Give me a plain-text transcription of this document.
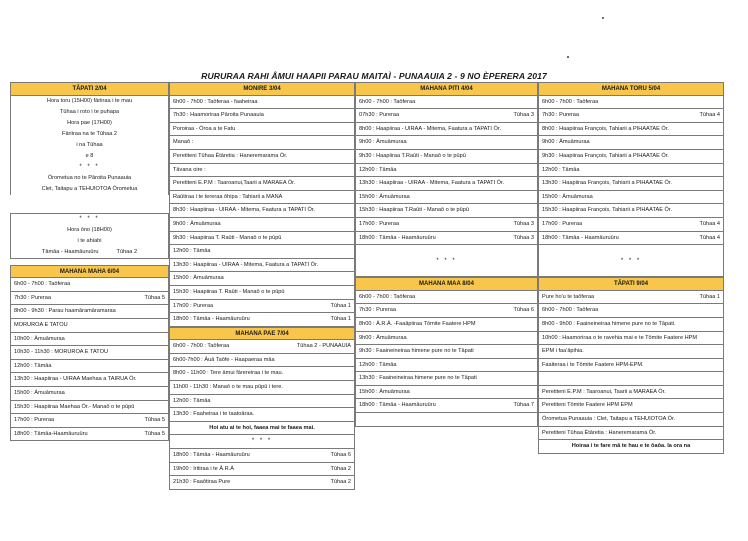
RURURAA RAHI ÂMUI HAAPII PARAU MAITAÌ - PUNAAUIA 2 - 9 NO ÈPERERA 2017
TĀPATI 2/04
Hora toru (15H00) fāriiraa i te mau
Tūhaa i roto i te puhapa
Hora pae (17H00)
Fāriiraa na te Tūhaa 2
i na Tūhaa
e 8
* * *
Ōrometua no te Pāroita Punaauia
Clet, Taitapu a TEHUIOTOA Ōrometua
* * *
Hora ōno (18H00)
i te ahiahi
Tāmāa - Haamāuruūru	Tūhaa 2
MAHANA MAHA 6/04
6h00 - 7h00 : Taōferaa
7h30 : Pureraa	Tūhaa 5
8h00 - 9h30 : Parau haamāramāramaraa
MORUROA E TATOU
10h00 : Āmuāmuraa
10h30 - 11h30 : MORUROA E TATOU
12h00 : Tāmāa
13h30 : Haapiiraa - UIRAA Maehaa a TAIRUA Ōr.
15h00 : Āmuāmuraa
15h30 : Haapiiraa Maehaa Ōr.- Manaō o te pūpū
17h00 : Pureraa	Tūhaa 5
18h00 : Tāmāa-Haamāuruūru	Tūhaa 5
MONIRE 3/04
6h00 - 7h00 : Taōferaa - faaheiraa
7h30 : Haamoriraa Pāroita Punaauia
Poroiraa - Ōroa a te Fatu
Manaō :
Peretiteni Tūhaa Ētāretia : Haneremarama Ōr.
Tāvana oire :
Peretiteni E.P.M : Taaroanui,Taarii a MARAEA Ōr.
Raūtiraa i te tereraa ōhipa : Tahiarii a MANA
8h30 : Haapiiraa - UIRAA - Mitema, Faatura a TAPATI Ōr.
9h00 : Āmuāmuraa
9h30 : Haapiiraa T. Raūti - Manaō o te pūpū
12h00 : Tāmāa
13h30 : Haapiiraa - UIRAA - Mitema, Faatura a TAPATI Ōr.
15h00 : Āmuāmuraa
15h30 : Haapiiraa T. Raūti - Manaō o te pūpū
17h00 : Pureraa	Tūhaa 1
18h00 : Tāmāa - Haamāuruūru	Tūhaa 1
MAHANA PAE 7/04
6h00 - 7h00 : Taōferaa	Tūhaa 2 - PUNAAUIA
6h00-7h00 : Āuā Taōfe - Haapaeraa māa
8h00 - 11h00 : Tere āmui fārereiraa i te mau.
11h00 - 11h30 : Manaō o te mau pūpū i tere.
12h00 : Tāmāa
13h30 : Faaheiraa i te taatoāraa.
Hoi atu ai te hoi, faaea mai te faaea mai.
* * *
18h00 : Tāmāa - Haamāuruūru	Tūhaa 6
19h00 : Iritiraa i te Ā.R.Ā	Tūhaa 2
21h30 : Faaōtiraa Pure	Tūhaa 2
MAHANA PITI 4/04
6h00 - 7h00 : Taōferaa
07h30 : Pureraa	Tūhaa 3
8h00 : Haapiiraa - UIRAA - Mitema, Faatura a TAPATI Ōr.
9h00 : Āmuāmuraa
9h30 : Haapiiraa T.Raūti - Manaō o te pūpū
12h00 : Tāmāa
13h30 : Haapiiraa - UIRAA - Mitema, Faatura a TAPATI Ōr.
15h00 : Āmuāmuraa
15h30 : Haapiiraa T.Raūti - Manaō o te pūpū
17h00 : Pureraa	Tūhaa 3
18h00 : Tāmāa - Haamāuruūru	Tūhaa 3
* * *
MAHANA MAA 8/04
6h00 - 7h00 : Taōferaa
7h30 : Pureraa	Tūhaa 6
8h00 : Ā.R.Ā. -Faaāpiiraa Tōmite Faatere HPM
9h00 : Āmuāmuraa
9h30 : Faaineineiraa himene pure no te Tāpati
12h00 : Tāmāa
13h30 : Faaineineiraa himene pure no te Tāpati
15h00 : Āmuāmuraa
18h00 : Tāmāa - Haamāuruūru	Tūhaa 7
MAHANA TORU 5/04
6h00 - 7h00 : Taōferaa
7h30 : Pureraa	Tūhaa 4
8h00 : Haapiiraa François, Tahiarii a PIHAATAE Ōr.
9h00 : Āmuāmuraa
9h30 : Haapiiraa François, Tahiarii a PIHAATAE Ōr.
12h00 : Tāmāa
13h30 : Haapiiraa François, Tahiarii a PIHAATAE Ōr.
15h00 : Āmuāmuraa
15h30 : Haapiiraa François, Tahiarii a PIHAATAE Ōr.
17h00 : Pureraa	Tūhaa 4
18h00 : Tāmāa - Haamāuruūru	Tūhaa 4
* * *
TĀPATI 9/04
Pure ho'u te taōferaa	Tūhaa 1
6h00 - 7h00 : Taōferaa
8h00 - 9h00 : Faaineineiraa himene pure no te Tāpati.
10h00 : Haamoriraa o te ravehia mai e te Tōmite Faatere HPM
EPM i faa'āpihia.
Faaiteraa i te Tōmite Faatere HPM-EPM.
Peretiteni E.P.M : Taaroanui, Taarii a MARAEA Ōr.
Peretiteni Tōmite Faatere HPM EPM
Ōrometua Punaauia : Clet, Taitapu a TEHUIOTOA Ōr.
Peretiteni Tūhaa Ētāretia : Haneremarama Ōr.
Hoiraa i te fare mā te hau e te ōaōa. Ia ora na
